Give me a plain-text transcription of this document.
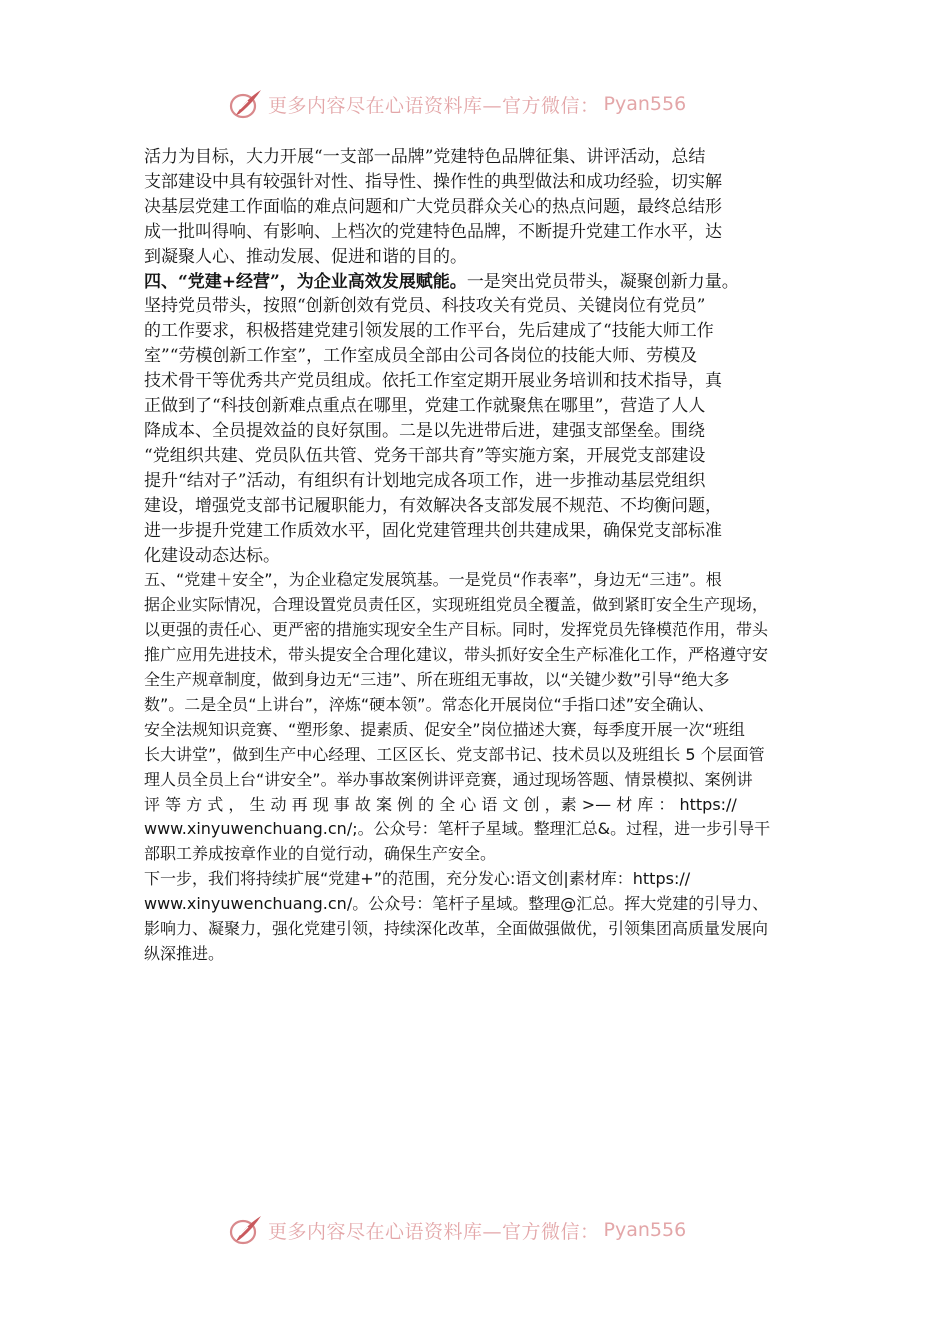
更多内容尽在心语资料库—官方微信： Pyan556

活力为目标，大力开展“一支部一品牌”党建特色品牌征集、讲评活动，总结
支部建设中具有较强针对性、指导性、操作性的典型做法和成功经验，切实解
决基层党建工作面临的难点问题和广大党员群众关心的热点问题，最终总结形
成一批叫得响、有影响、上档次的党建特色品牌，不断提升党建工作水平，达
到凝聚人心、推动发展、促进和谐的目的。

四、“党建+经营”，为企业高效发展赋能。一是突出党员带头，凝聚创新力量。
坚持党员带头，按照“创新创效有党员、科技攻关有党员、关键岗位有党员”
的工作要求，积极搭建党建引领发展的工作平台，先后建成了“技能大师工作
室”“劳模创新工作室”，工作室成员全部由公司各岗位的技能大师、劳模及
技术骨干等优秀共产党员组成。依托工作室定期开展业务培训和技术指导，真
正做到了“科技创新难点重点在哪里，党建工作就聚焦在哪里”，营造了人人
降成本、全员提效益的良好氛围。二是以先进带后进，建强支部堡垒。围绕
“党组织共建、党员队伍共管、党务干部共育”等实施方案，开展党支部建设
提升“结对子”活动，有组织有计划地完成各项工作，进一步推动基层党组织
建设，增强党支部书记履职能力，有效解决各支部发展不规范、不均衡问题，
进一步提升党建工作质效水平，固化党建管理共创共建成果，确保党支部标准
化建设动态达标。

五、“党建＋安全”，为企业稳定发展筑基。一是党员“作表率”，身边无“三违”。根
据企业实际情况，合理设置党员责任区，实现班组党员全覆盖，做到紧盯安全生产现场，
以更强的责任心、更严密的措施实现安全生产目标。同时，发挥党员先锋模范作用，带头
推广应用先进技术，带头提安全合理化建议，带头抓好安全生产标准化工作，严格遵守安
全生产规章制度，做到身边无“三违”、所在班组无事故，以“关键少数”引导“绝大多
数”。二是全员“上讲台”，淬炼“硬本领”。常态化开展岗位“手指口述”安全确认、
安全法规知识竞赛、“塑形象、提素质、促安全”岗位描述大赛，每季度开展一次“班组
长大讲堂”，做到生产中心经理、工区区长、党支部书记、技术员以及班组长 5 个层面管
理人员全员上台“讲安全”。举办事故案例讲评竞赛，通过现场答题、情景模拟、案例讲
评 等 方 式 ， 生 动 再 现 事 故 案 例 的 全 心 语 文 创 ，素 >— 材 库 ： https://
www.xinyuwenchuang.cn/;。公众号：笔杆子星域。整理汇总&。过程，进一步引导干
部职工养成按章作业的自觉行动，确保生产安全。

下一步，我们将持续扩展“党建+”的范围，充分发心:语文创|素材库：https://
www.xinyuwenchuang.cn/。公众号：笔杆子星域。整理@汇总。挥大党建的引导力、
影响力、凝聚力，强化党建引领，持续深化改革，全面做强做优，引领集团高质量发展向
纵深推进。

更多内容尽在心语资料库—官方微信： Pyan556
